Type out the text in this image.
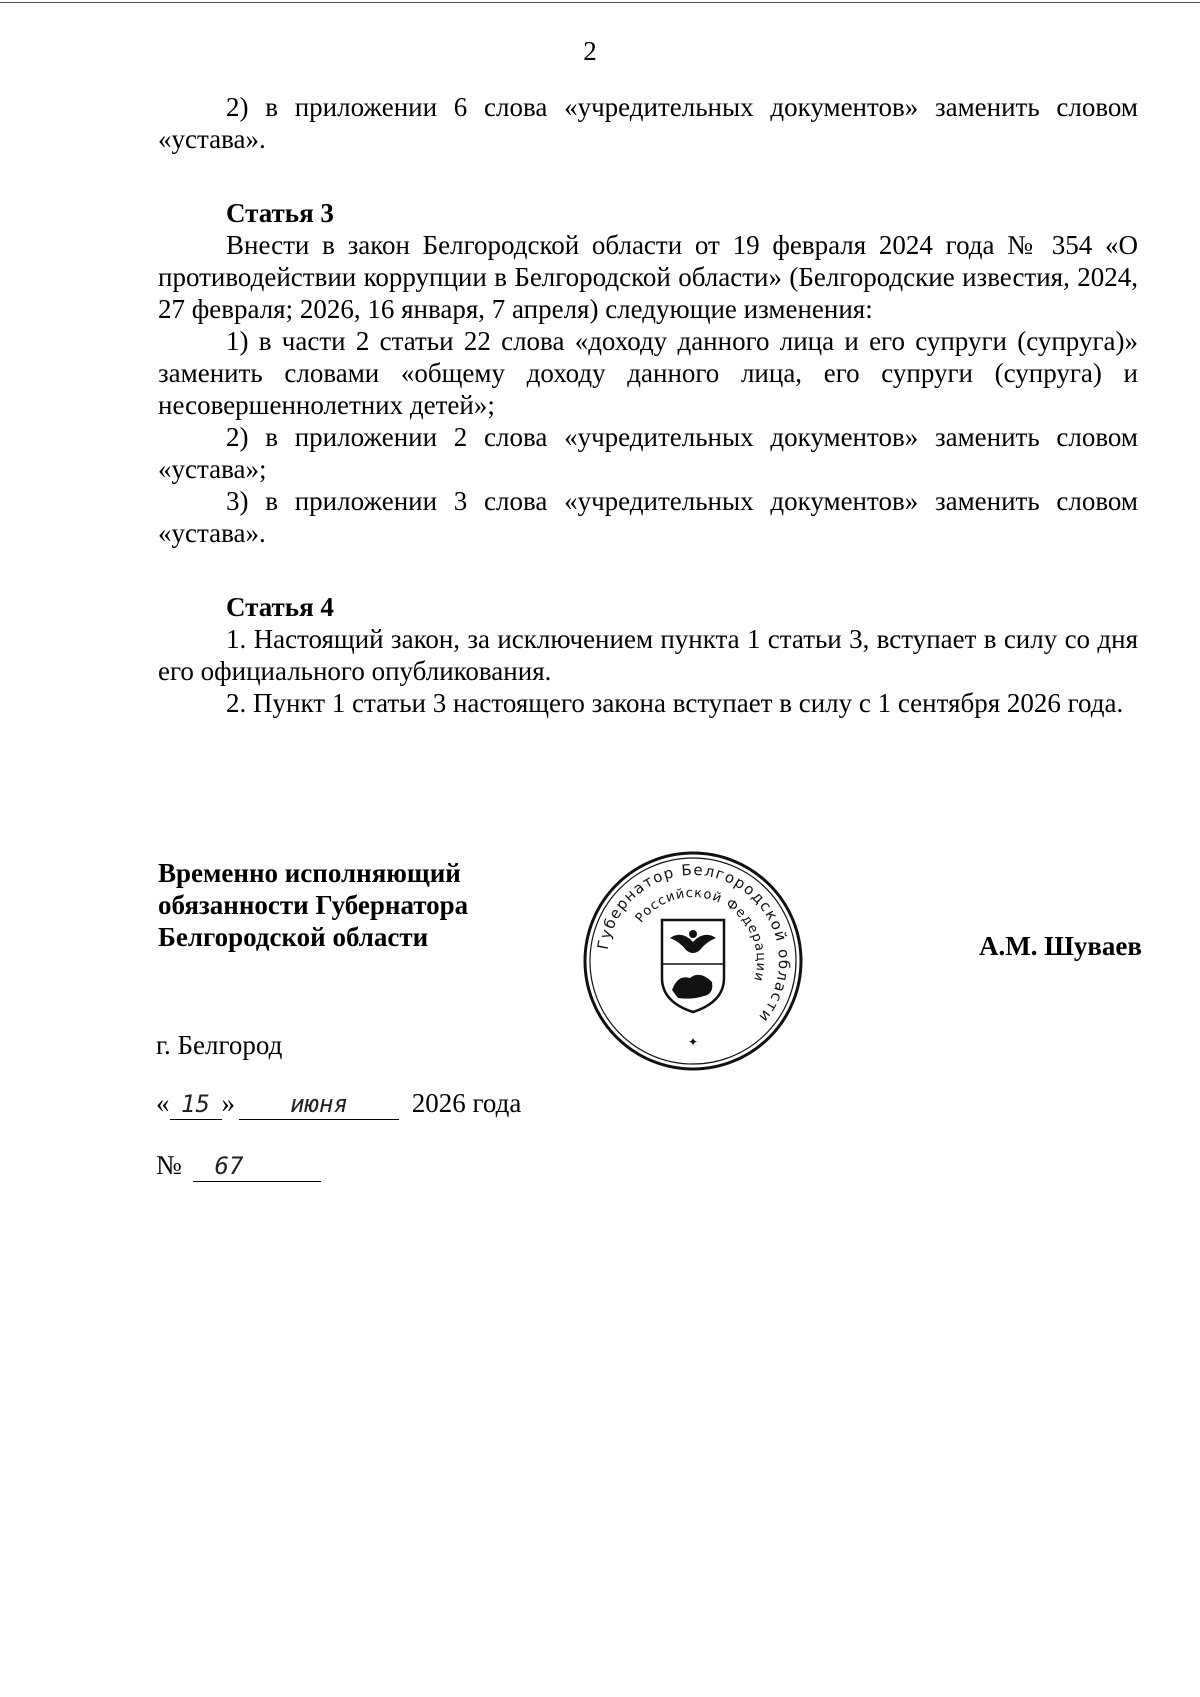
2

2) в приложении 6 слова «учредительных документов» заменить словом «устава».

Статья 3

Внести в закон Белгородской области от 19 февраля 2024 года № 354 «О противодействии коррупции в Белгородской области» (Белгородские известия, 2024, 27 февраля; 2026, 16 января, 7 апреля) следующие изменения:

1) в части 2 статьи 22 слова «доходу данного лица и его супруги (супруга)» заменить словами «общему доходу данного лица, его супруги (супруга) и несовершеннолетних детей»;

2) в приложении 2 слова «учредительных документов» заменить словом «устава»;

3) в приложении 3 слова «учредительных документов» заменить словом «устава».

Статья 4

1. Настоящий закон, за исключением пункта 1 статьи 3, вступает в силу со дня его официального опубликования.

2. Пункт 1 статьи 3 настоящего закона вступает в силу с 1 сентября 2026 года.

Временно исполняющий
обязанности Губернатора
Белгородской области	А.М. Шуваев
Губернатор Белгородской области
Российской Федерации
✦
г. Белгород
« 15 » июня 2026 года
№ 67
